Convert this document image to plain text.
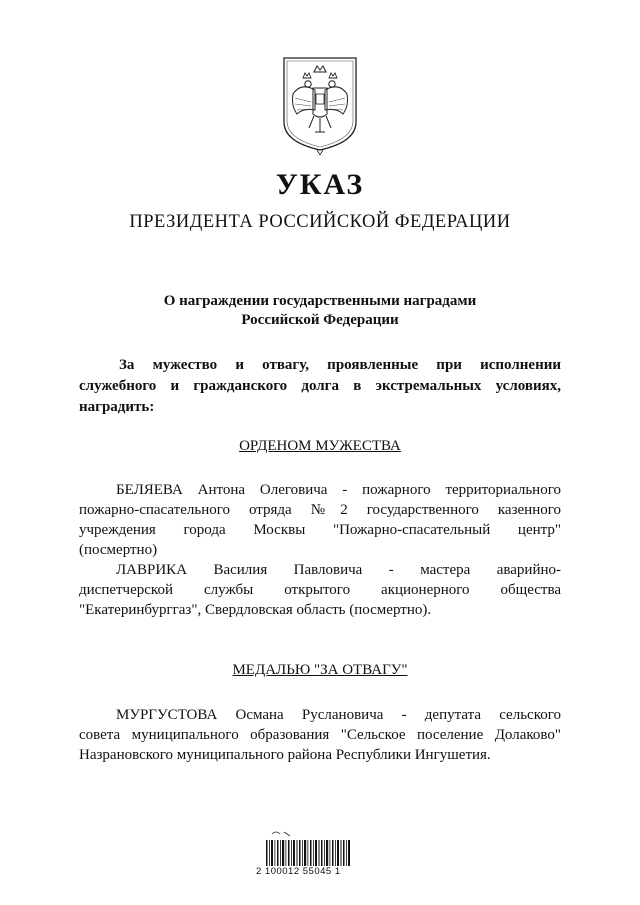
УКАЗ
ПРЕЗИДЕНТА РОССИЙСКОЙ ФЕДЕРАЦИИ
О награждении государственными наградами
Российской Федерации
За мужество и отвагу, проявленные при исполнении
служебного и гражданского долга в экстремальных условиях,
наградить:
ОРДЕНОМ МУЖЕСТВА
БЕЛЯЕВА Антона Олеговича - пожарного территориального
пожарно-спасательного отряда №2 государственного казенного
учреждения города Москвы "Пожарно-спасательный центр"
(посмертно)
ЛАВРИКА Василия Павловича - мастера аварийно-
диспетчерской службы открытого акционерного общества
"Екатеринбурггаз", Свердловская область (посмертно).
МЕДАЛЬЮ "ЗА ОТВАГУ"
МУРГУСТОВА Османа Руслановича - депутата сельского
совета муниципального образования "Сельское поселение Долаково"
Назрановского муниципального района Республики Ингушетия.
2 100012 55045 1
